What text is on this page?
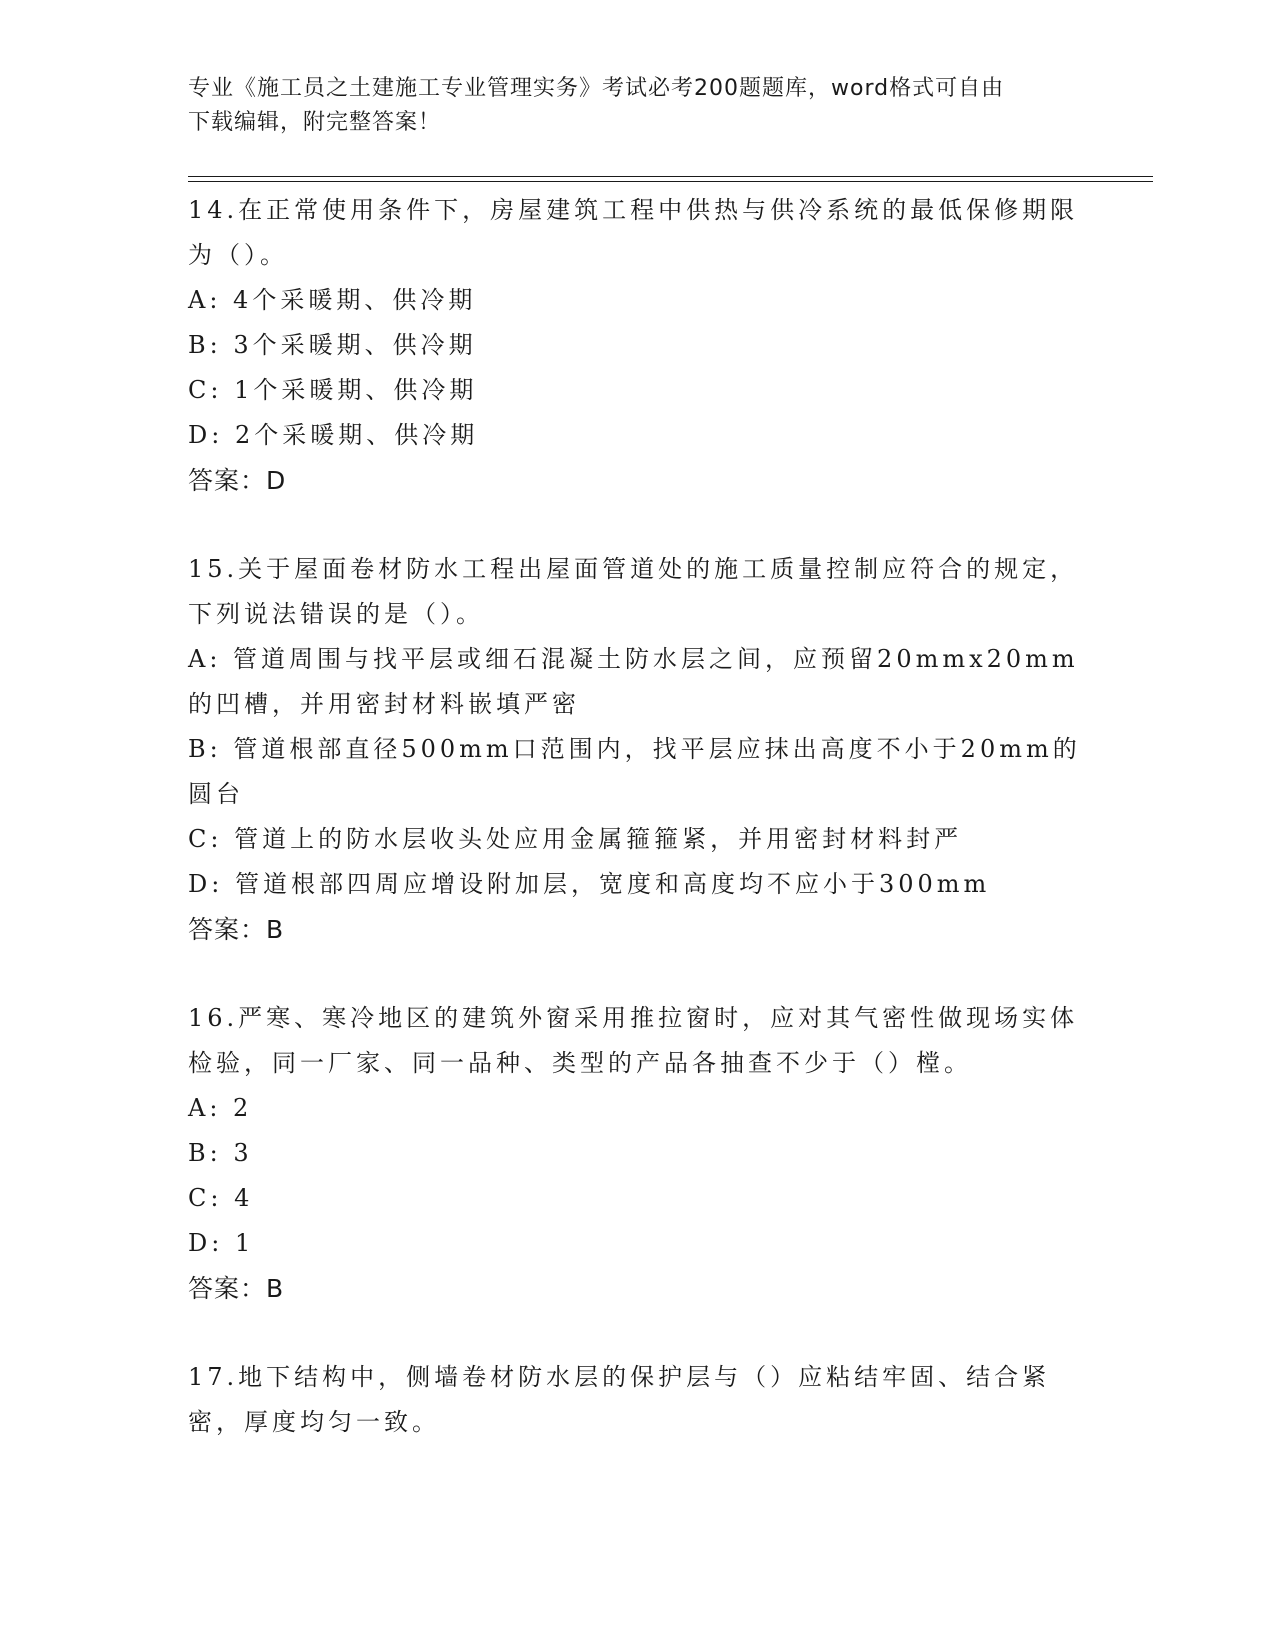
专业《施工员之土建施工专业管理实务》考试必考200题题库，word格式可自由
下载编辑，附完整答案！
14.在正常使用条件下，房屋建筑工程中供热与供冷系统的最低保修期限为（）。
A: 4个采暖期、供冷期
B: 3个采暖期、供冷期
C: 1个采暖期、供冷期
D: 2个采暖期、供冷期
答案：D
15.关于屋面卷材防水工程出屋面管道处的施工质量控制应符合的规定，下列说法错误的是（）。
A: 管道周围与找平层或细石混凝土防水层之间，应预留20mmx20mm的凹槽，并用密封材料嵌填严密
B: 管道根部直径500mm口范围内，找平层应抹出高度不小于20mm的圆台
C: 管道上的防水层收头处应用金属箍箍紧，并用密封材料封严
D: 管道根部四周应增设附加层，宽度和高度均不应小于300mm
答案：B
16.严寒、寒冷地区的建筑外窗采用推拉窗时，应对其气密性做现场实体检验，同一厂家、同一品种、类型的产品各抽查不少于（）樘。
A: 2
B: 3
C: 4
D: 1
答案：B
17.地下结构中，侧墙卷材防水层的保护层与（）应粘结牢固、结合紧密，厚度均匀一致。
